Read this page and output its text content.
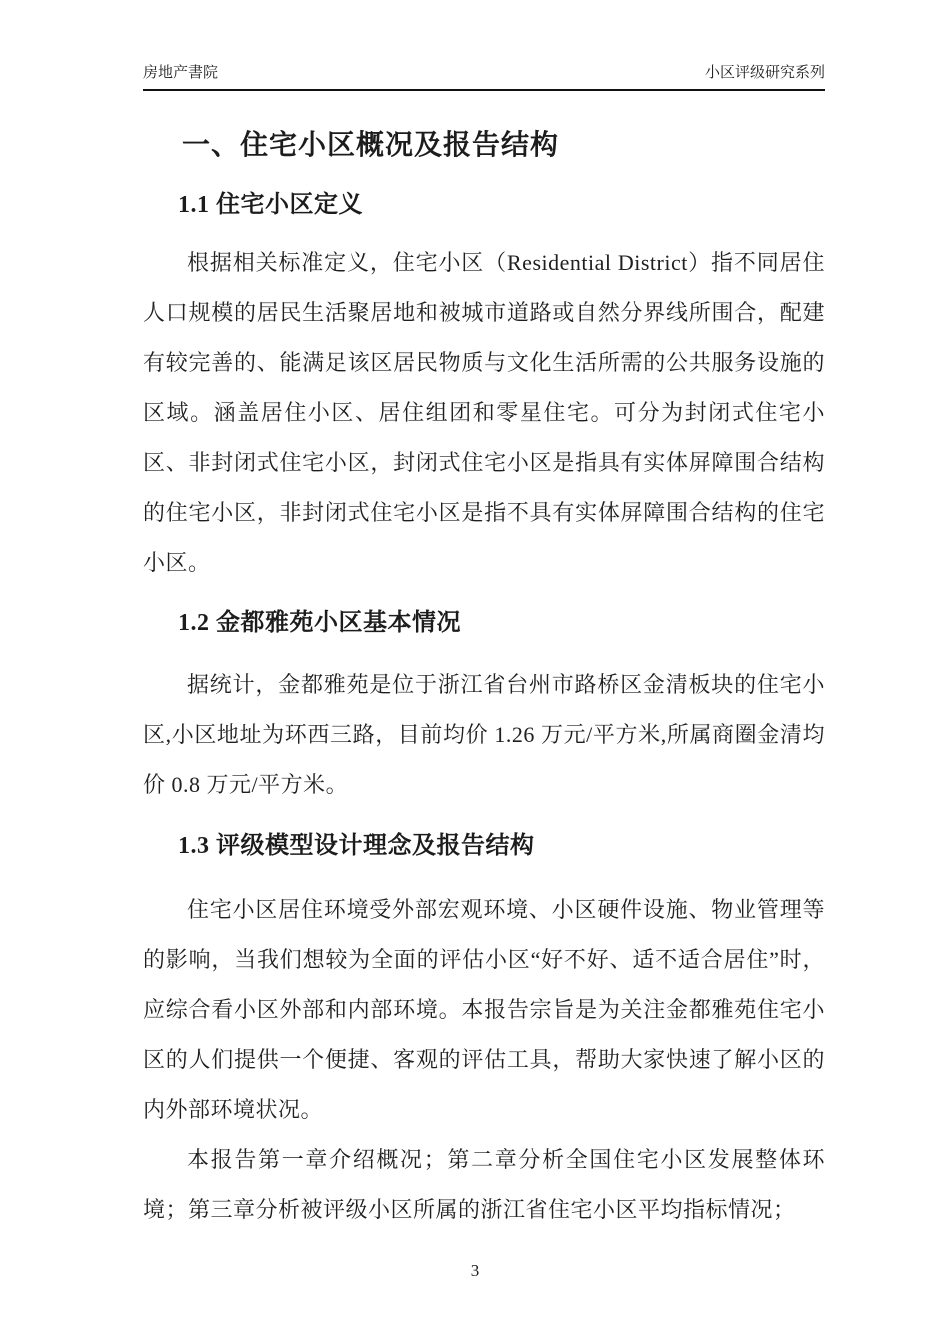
房地产書院	小区评级研究系列
一、住宅小区概况及报告结构
1.1 住宅小区定义

根据相关标准定义，住宅小区（Residential District）指不同居住人口规模的居民生活聚居地和被城市道路或自然分界线所围合，配建有较完善的、能满足该区居民物质与文化生活所需的公共服务设施的区域。涵盖居住小区、居住组团和零星住宅。可分为封闭式住宅小区、非封闭式住宅小区，封闭式住宅小区是指具有实体屏障围合结构的住宅小区，非封闭式住宅小区是指不具有实体屏障围合结构的住宅小区。

1.2 金都雅苑小区基本情况

据统计，金都雅苑是位于浙江省台州市路桥区金清板块的住宅小区,小区地址为环西三路，目前均价 1.26 万元/平方米,所属商圈金清均价 0.8 万元/平方米。

1.3 评级模型设计理念及报告结构

住宅小区居住环境受外部宏观环境、小区硬件设施、物业管理等的影响，当我们想较为全面的评估小区“好不好、适不适合居住”时，应综合看小区外部和内部环境。本报告宗旨是为关注金都雅苑住宅小区的人们提供一个便捷、客观的评估工具，帮助大家快速了解小区的内外部环境状况。

本报告第一章介绍概况；第二章分析全国住宅小区发展整体环境；第三章分析被评级小区所属的浙江省住宅小区平均指标情况；

3
